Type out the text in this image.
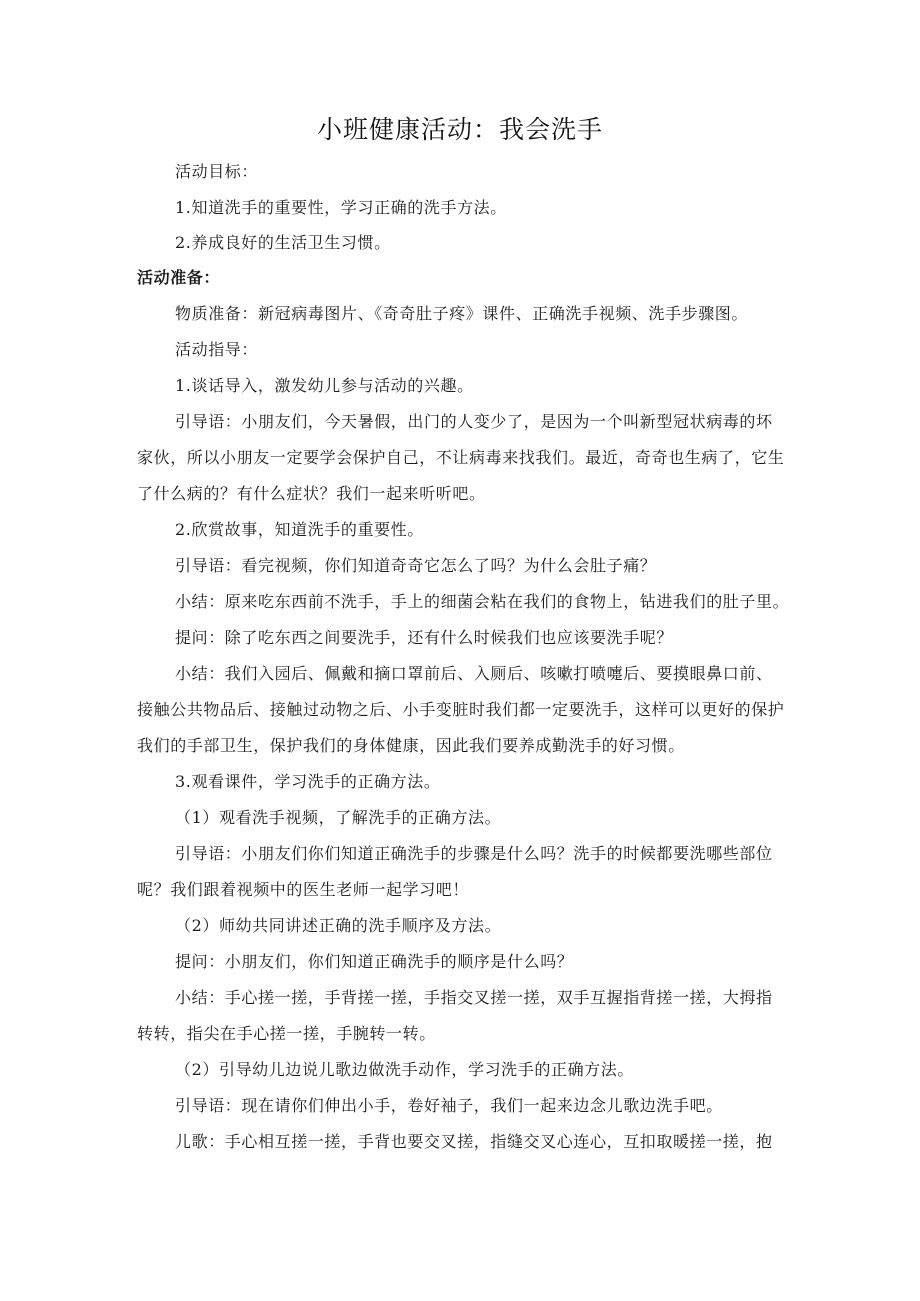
小班健康活动：我会洗手
活动目标：
1.知道洗手的重要性，学习正确的洗手方法。
2.养成良好的生活卫生习惯。
活动准备：
物质准备：新冠病毒图片、《奇奇肚子疼》课件、正确洗手视频、洗手步骤图。
活动指导：
1.谈话导入，激发幼儿参与活动的兴趣。
引导语：小朋友们，今天暑假，出门的人变少了，是因为一个叫新型冠状病毒的坏
家伙，所以小朋友一定要学会保护自己，不让病毒来找我们。最近，奇奇也生病了，它生
了什么病的？有什么症状？我们一起来听听吧。
2.欣赏故事，知道洗手的重要性。
引导语：看完视频，你们知道奇奇它怎么了吗？为什么会肚子痛？
小结：原来吃东西前不洗手，手上的细菌会粘在我们的食物上，钻进我们的肚子里。
提问：除了吃东西之间要洗手，还有什么时候我们也应该要洗手呢？
小结：我们入园后、佩戴和摘口罩前后、入厕后、咳嗽打喷嚏后、要摸眼鼻口前、
接触公共物品后、接触过动物之后、小手变脏时我们都一定要洗手，这样可以更好的保护
我们的手部卫生，保护我们的身体健康，因此我们要养成勤洗手的好习惯。
3.观看课件，学习洗手的正确方法。
（1）观看洗手视频，了解洗手的正确方法。
引导语：小朋友们你们知道正确洗手的步骤是什么吗？洗手的时候都要洗哪些部位
呢？我们跟着视频中的医生老师一起学习吧！
（2）师幼共同讲述正确的洗手顺序及方法。
提问：小朋友们，你们知道正确洗手的顺序是什么吗？
小结：手心搓一搓，手背搓一搓，手指交叉搓一搓，双手互握指背搓一搓，大拇指
转转，指尖在手心搓一搓，手腕转一转。
（2）引导幼儿边说儿歌边做洗手动作，学习洗手的正确方法。
引导语：现在请你们伸出小手，卷好袖子，我们一起来边念儿歌边洗手吧。
儿歌：手心相互搓一搓，手背也要交叉搓，指缝交叉心连心，互扣取暖搓一搓，抱
